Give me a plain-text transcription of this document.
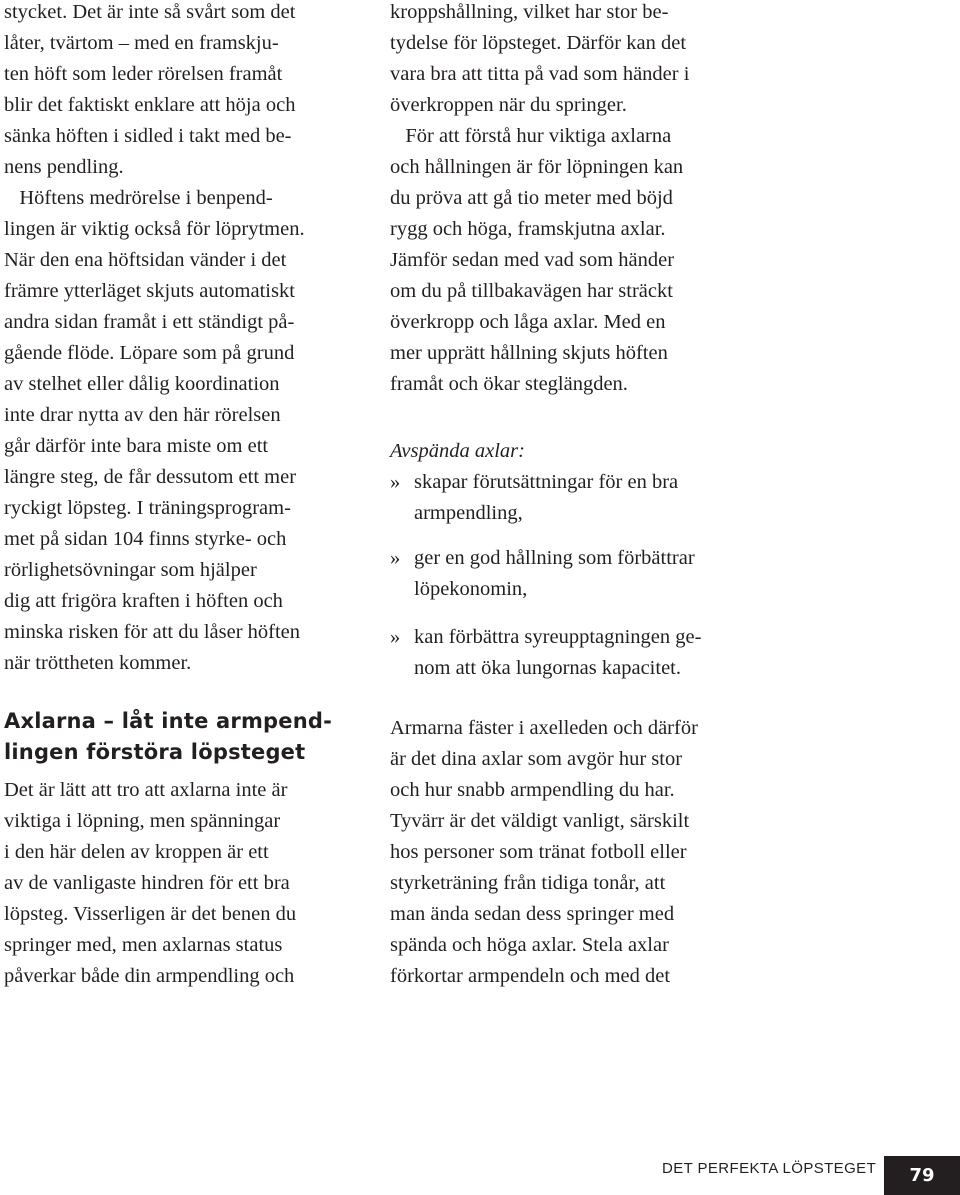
stycket. Det är inte så svårt som det
låter, tvärtom – med en framskju-
ten höft som leder rörelsen framåt
blir det faktiskt enklare att höja och
sänka höften i sidled i takt med be-
nens pendling.
Höftens medrörelse i benpend-
lingen är viktig också för löprytmen.
När den ena höftsidan vänder i det
främre ytterläget skjuts automatiskt
andra sidan framåt i ett ständigt på-
gående flöde. Löpare som på grund
av stelhet eller dålig koordination
inte drar nytta av den här rörelsen
går därför inte bara miste om ett
längre steg, de får dessutom ett mer
ryckigt löpsteg. I träningsprogram-
met på sidan 104 finns styrke- och
rörlighetsövningar som hjälper
dig att frigöra kraften i höften och
minska risken för att du låser höften
när tröttheten kommer.
Axlarna – låt inte armpend-
lingen förstöra löpsteget
Det är lätt att tro att axlarna inte är
viktiga i löpning, men spänningar
i den här delen av kroppen är ett
av de vanligaste hindren för ett bra
löpsteg. Visserligen är det benen du
springer med, men axlarnas status
påverkar både din armpendling och
kroppshållning, vilket har stor be-
tydelse för löpsteget. Därför kan det
vara bra att titta på vad som händer i
överkroppen när du springer.
För att förstå hur viktiga axlarna
och hållningen är för löpningen kan
du pröva att gå tio meter med böjd
rygg och höga, framskjutna axlar.
Jämför sedan med vad som händer
om du på tillbakavägen har sträckt
överkropp och låga axlar. Med en
mer upprätt hållning skjuts höften
framåt och ökar steglängden.
Avspända axlar:
» skapar förutsättningar för en bra
armpendling,
» ger en god hållning som förbättrar
löpekonomin,
» kan förbättra syreupptagningen ge-
nom att öka lungornas kapacitet.
Armarna fäster i axelleden och därför
är det dina axlar som avgör hur stor
och hur snabb armpendling du har.
Tyvärr är det väldigt vanligt, särskilt
hos personer som tränat fotboll eller
styrketräning från tidiga tonår, att
man ända sedan dess springer med
spända och höga axlar. Stela axlar
förkortar armpendeln och med det
DET PERFEKTA LÖPSTEGET	79
